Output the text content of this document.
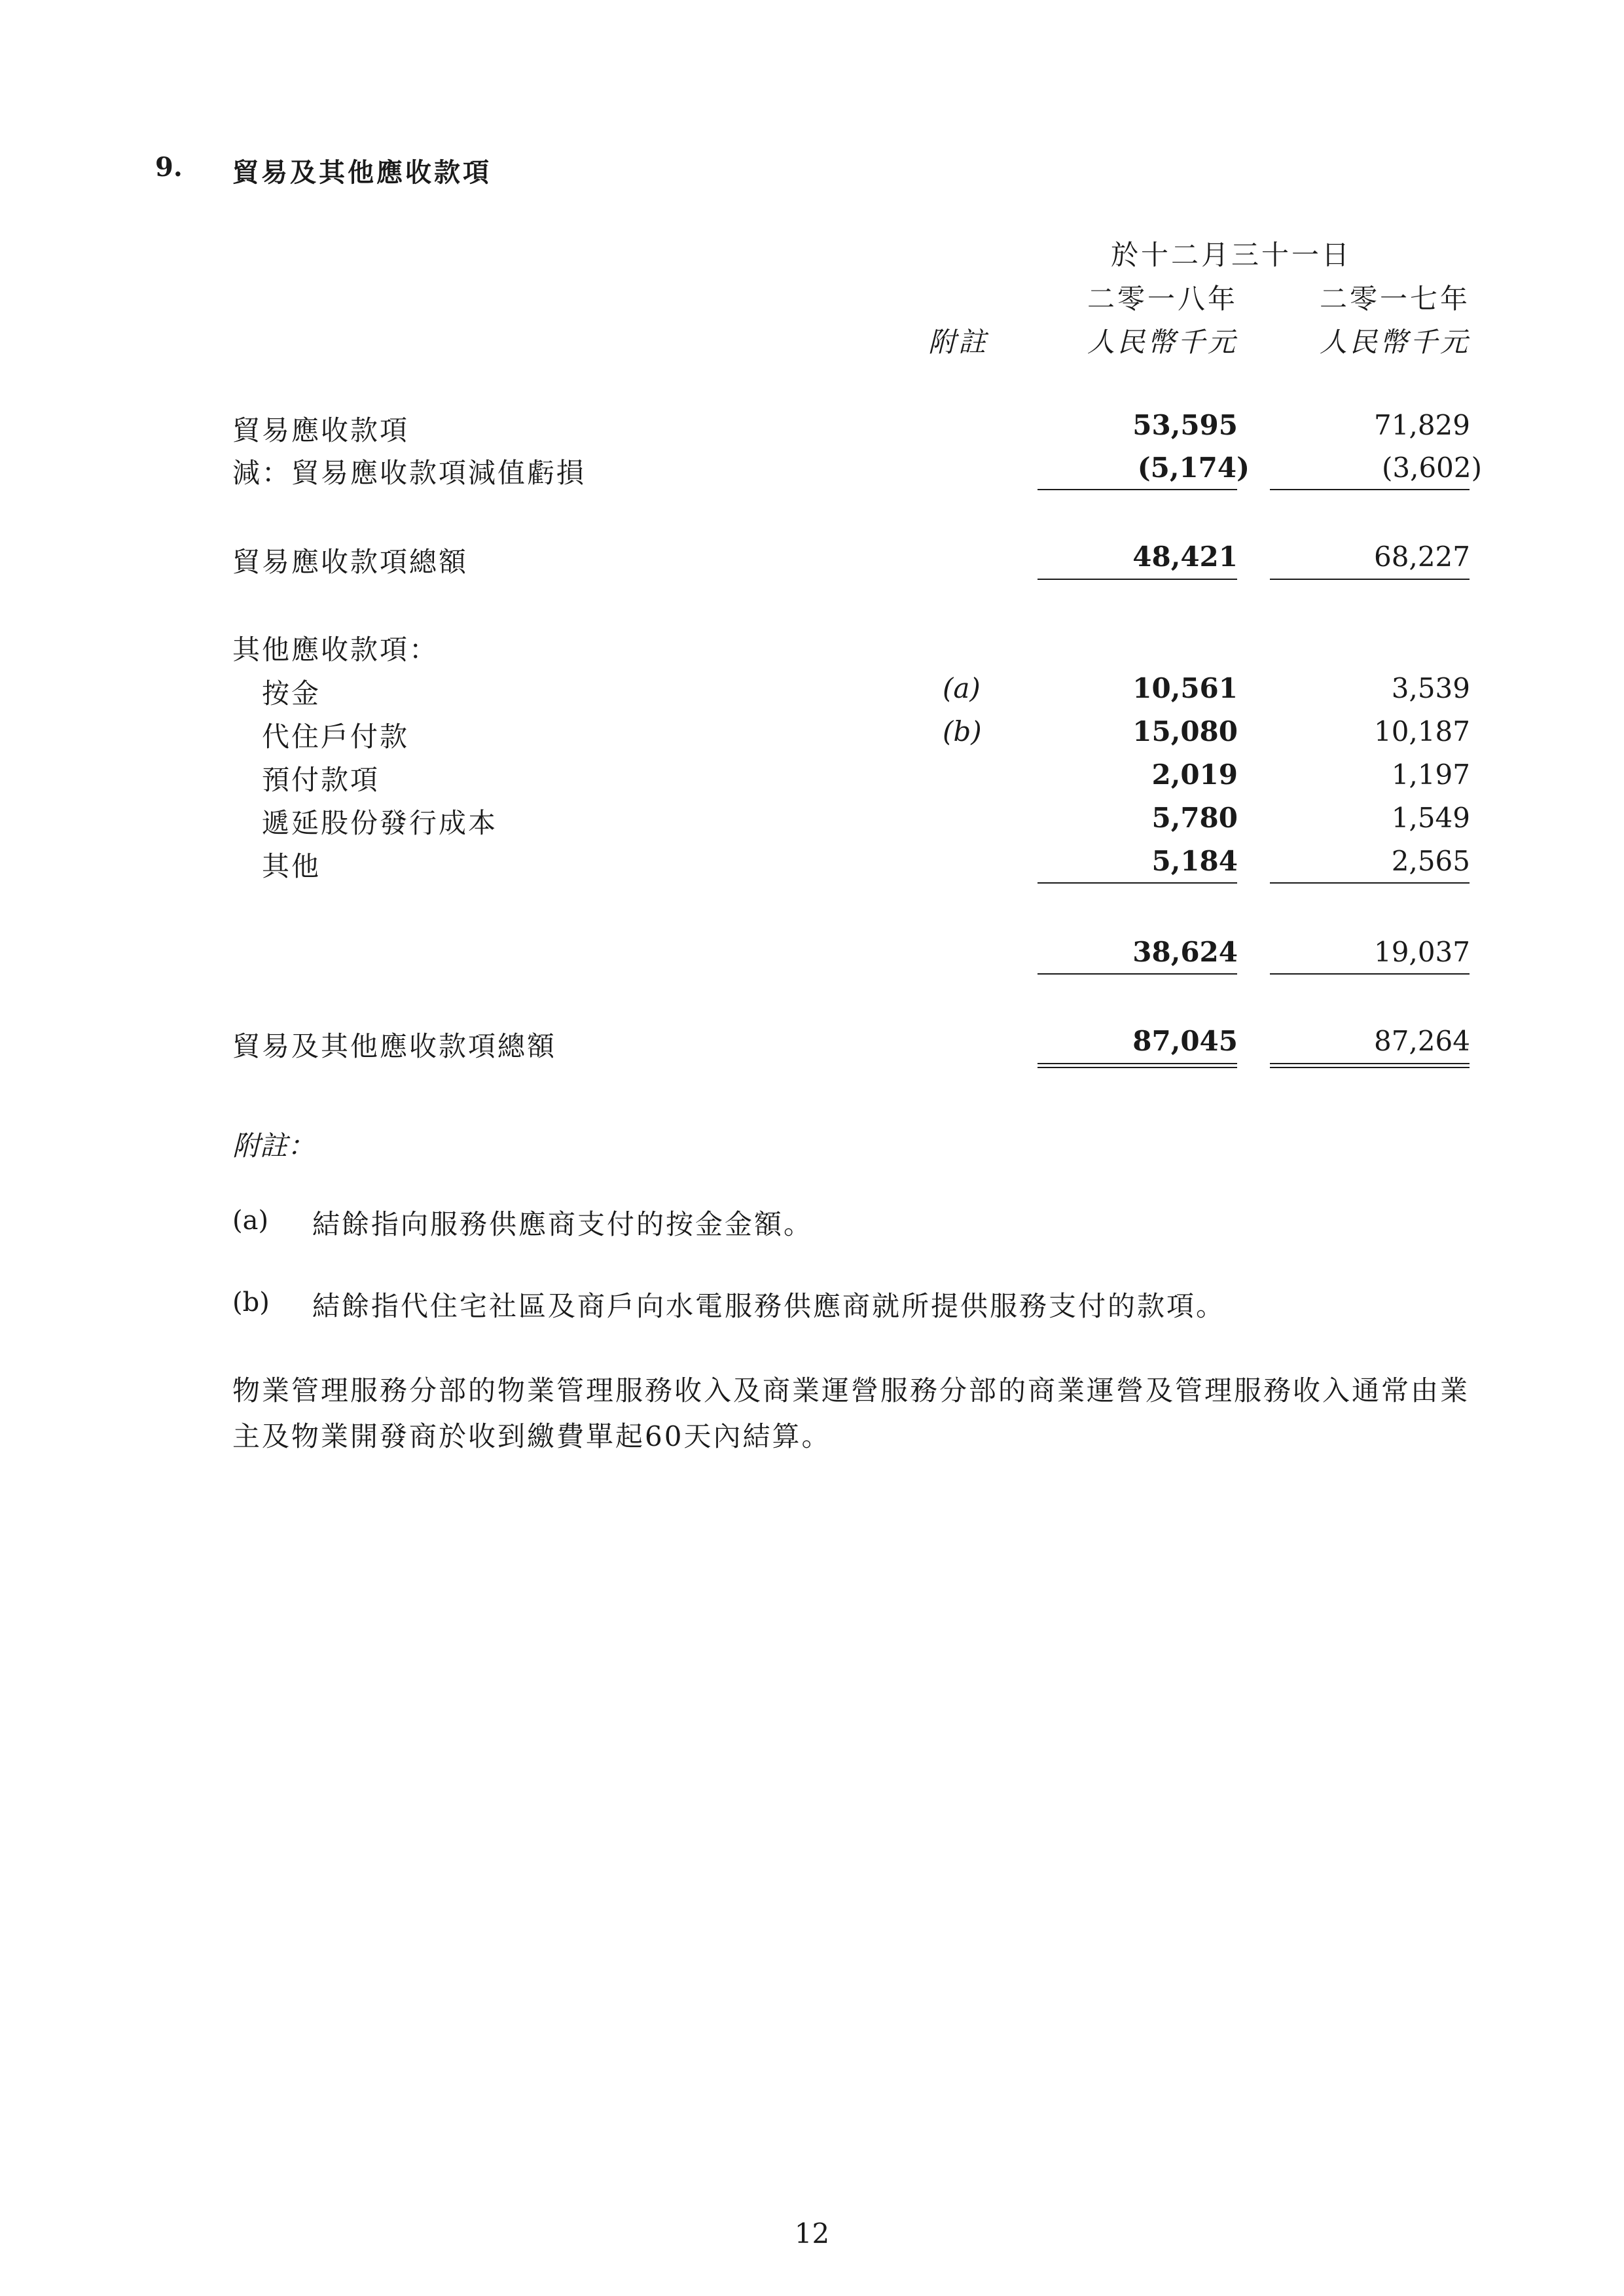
9. 貿易及其他應收款項
於十二月三十一日
二零一八年	二零一七年
附註	人民幣千元	人民幣千元
貿易應收款項	53,595	71,829
減：貿易應收款項減值虧損	(5,174)	(3,602)
貿易應收款項總額	48,421	68,227
其他應收款項：
按金	(a)	10,561	3,539
代住戶付款	(b)	15,080	10,187
預付款項	2,019	1,197
遞延股份發行成本	5,780	1,549
其他	5,184	2,565
38,624	19,037
貿易及其他應收款項總額	87,045	87,264
附註：
(a) 結餘指向服務供應商支付的按金金額。
(b) 結餘指代住宅社區及商戶向水電服務供應商就所提供服務支付的款項。
物業管理服務分部的物業管理服務收入及商業運營服務分部的商業運營及管理服務收入通常由業主及物業開發商於收到繳費單起60天內結算。
12
